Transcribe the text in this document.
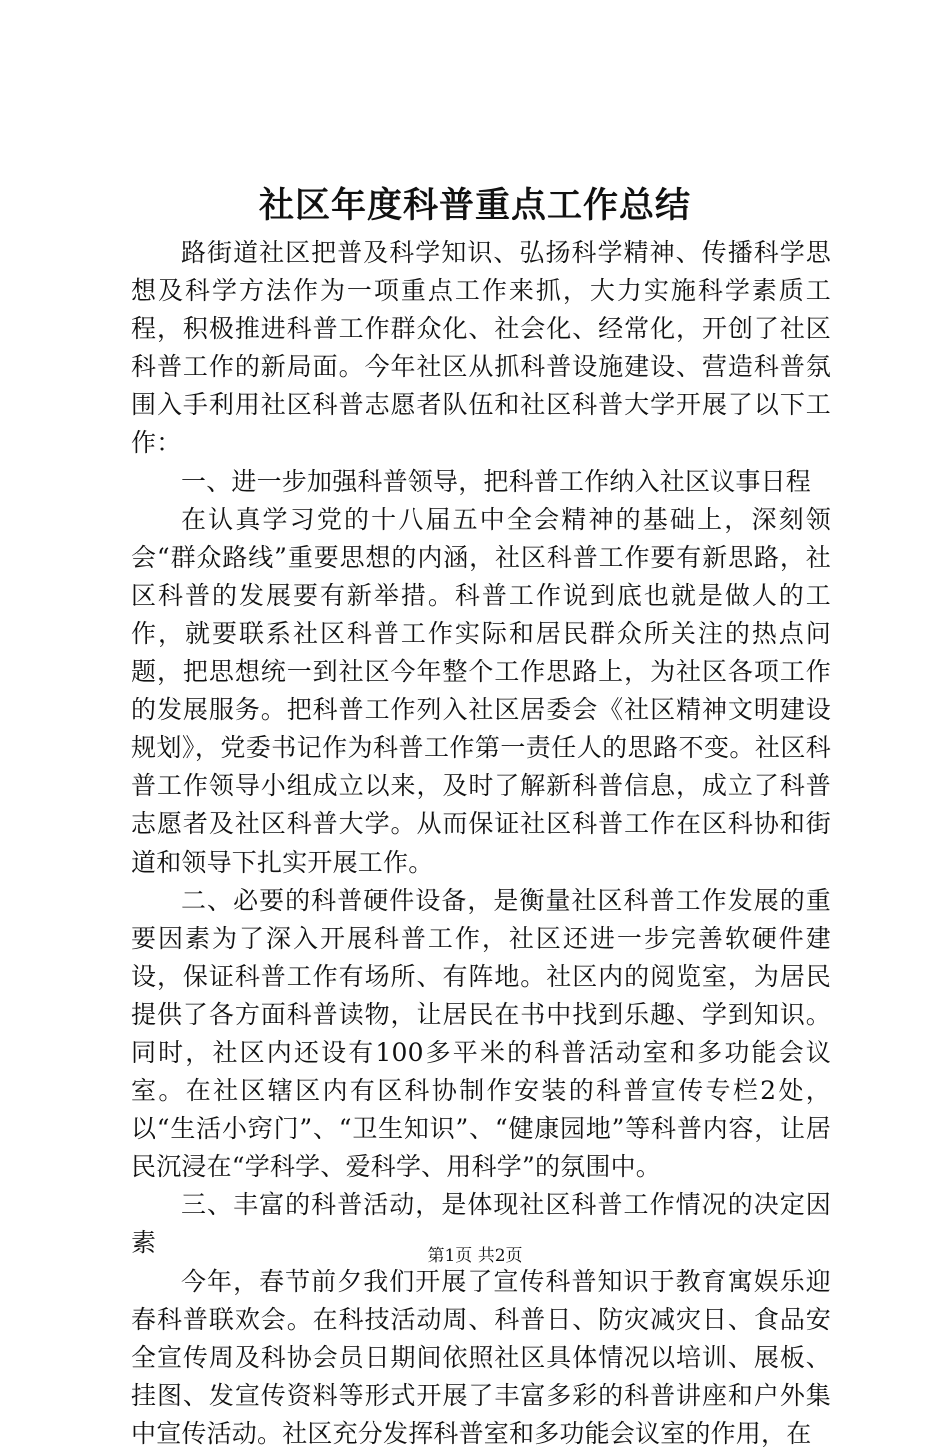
社区年度科普重点工作总结

路街道社区把普及科学知识、弘扬科学精神、传播科学思想及科学方法作为一项重点工作来抓，大力实施科学素质工程，积极推进科普工作群众化、社会化、经常化，开创了社区科普工作的新局面。今年社区从抓科普设施建设、营造科普氛围入手利用社区科普志愿者队伍和社区科普大学开展了以下工作：

一、进一步加强科普领导，把科普工作纳入社区议事日程

在认真学习党的十八届五中全会精神的基础上，深刻领会“群众路线”重要思想的内涵，社区科普工作要有新思路，社区科普的发展要有新举措。科普工作说到底也就是做人的工作，就要联系社区科普工作实际和居民群众所关注的热点问题，把思想统一到社区今年整个工作思路上，为社区各项工作的发展服务。把科普工作列入社区居委会《社区精神文明建设规划》，党委书记作为科普工作第一责任人的思路不变。社区科普工作领导小组成立以来，及时了解新科普信息，成立了科普志愿者及社区科普大学。从而保证社区科普工作在区科协和街道和领导下扎实开展工作。

二、必要的科普硬件设备，是衡量社区科普工作发展的重要因素为了深入开展科普工作，社区还进一步完善软硬件建设，保证科普工作有场所、有阵地。社区内的阅览室，为居民提供了各方面科普读物，让居民在书中找到乐趣、学到知识。同时，社区内还设有100多平米的科普活动室和多功能会议室。在社区辖区内有区科协制作安装的科普宣传专栏2处，以“生活小窍门”、“卫生知识”、“健康园地”等科普内容，让居民沉浸在“学科学、爱科学、用科学”的氛围中。

三、丰富的科普活动，是体现社区科普工作情况的决定因素

今年，春节前夕我们开展了宣传科普知识于教育寓娱乐迎春科普联欢会。在科技活动周、科普日、防灾减灾日、食品安全宣传周及科协会员日期间依照社区具体情况以培训、展板、挂图、发宣传资料等形式开展了丰富多彩的科普讲座和户外集中宣传活动。社区充分发挥科普室和多功能会议室的作用，在

第1页 共2页
